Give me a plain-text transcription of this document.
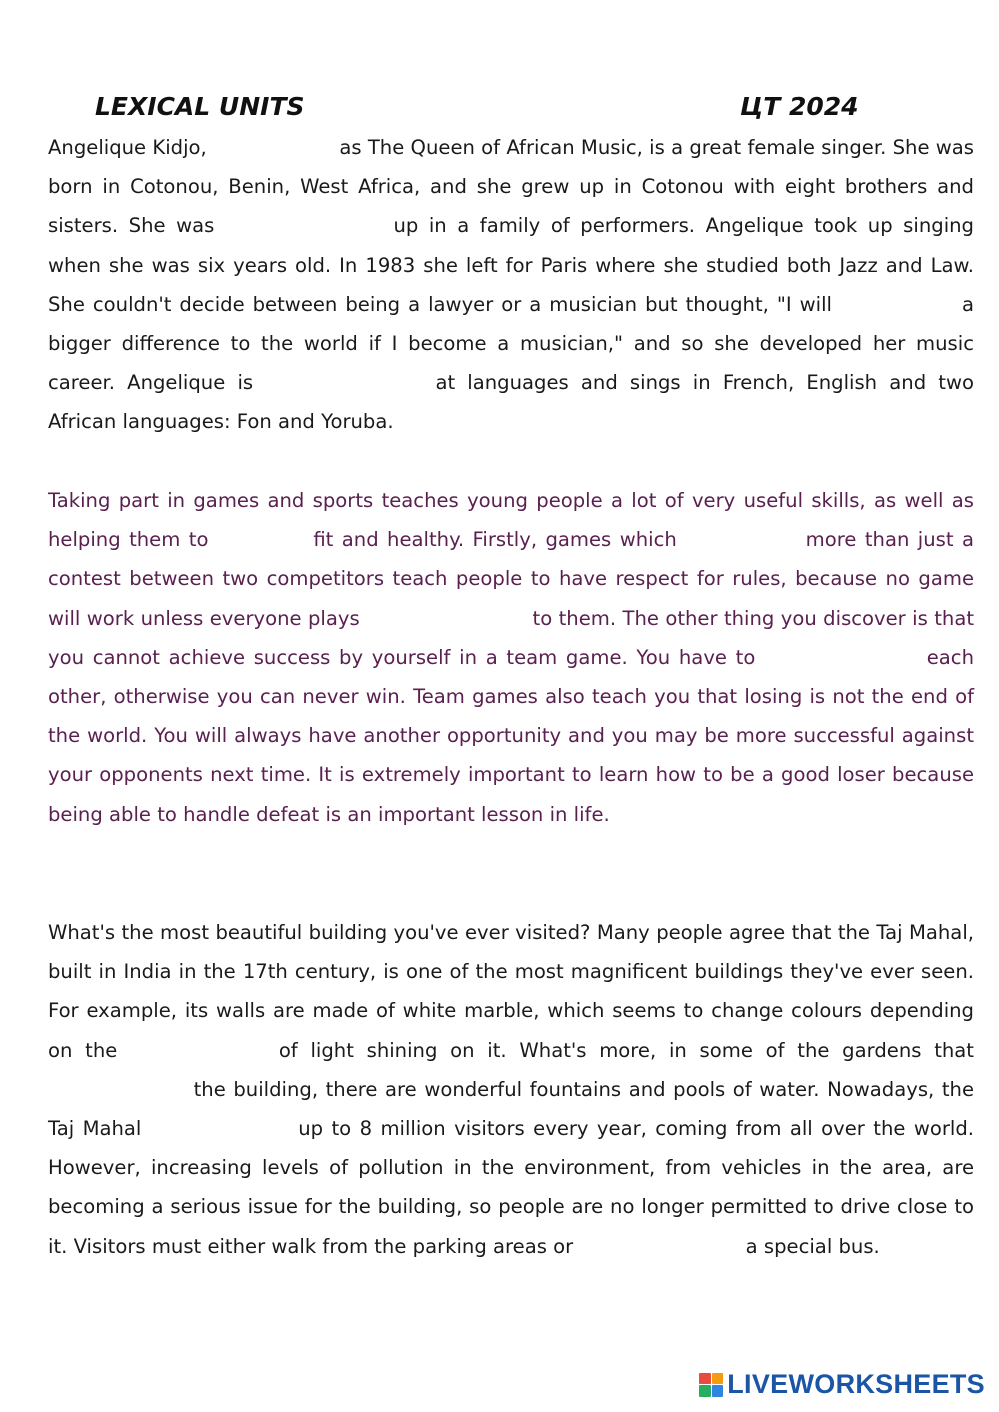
LEXICAL UNITS	ЦТ 2024
Angelique Kidjo,	as The Queen of African Music, is a great female singer. She was born in Cotonou, Benin, West Africa, and she grew up in Cotonou with eight brothers and sisters. She was	up in a family of performers. Angelique took up singing when she was six years old. In 1983 she left for Paris where she studied both Jazz and Law. She couldn't decide between being a lawyer or a musician but thought, "I will	a bigger difference to the world if I become a musician," and so she developed her music career. Angelique is	at languages and sings in French, English and two African languages: Fon and Yoruba.
Taking part in games and sports teaches young people a lot of very useful skills, as well as helping them to	fit and healthy. Firstly, games which	more than just a contest between two competitors teach people to have respect for rules, because no game will work unless everyone plays	to them. The other thing you discover is that you cannot achieve success by yourself in a team game. You have to	each other, otherwise you can never win. Team games also teach you that losing is not the end of the world. You will always have another opportunity and you may be more successful against your opponents next time. It is extremely important to learn how to be a good loser because being able to handle defeat is an important lesson in life.
What's the most beautiful building you've ever visited? Many people agree that the Taj Mahal, built in India in the 17th century, is one of the most magnificent buildings they've ever seen. For example, its walls are made of white marble, which seems to change colours depending on the	of light shining on it. What's more, in some of the gardens that  the building, there are wonderful fountains and pools of water. Nowadays, the Taj Mahal	up to 8 million visitors every year, coming from all over the world. However, increasing levels of pollution in the environment, from vehicles in the area, are becoming a serious issue for the building, so people are no longer permitted to drive close to it. Visitors must either walk from the parking areas or	a special bus.
LIVEWORKSHEETS
